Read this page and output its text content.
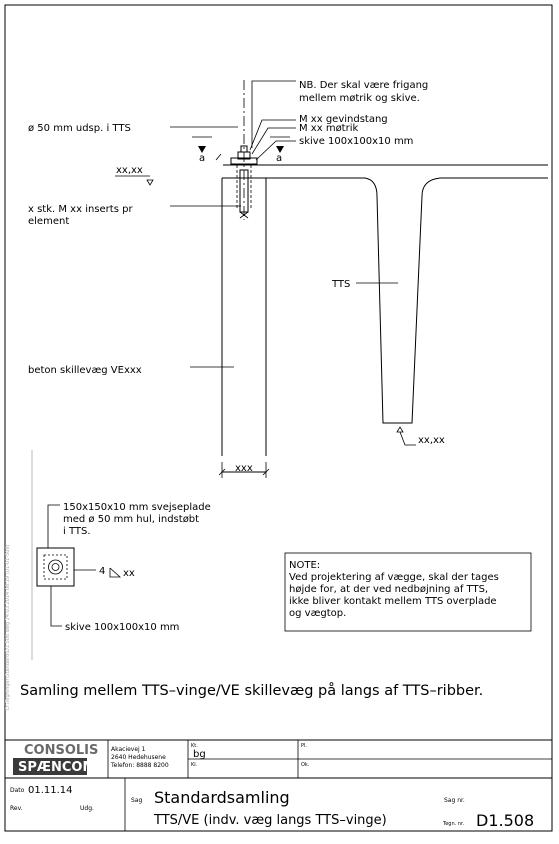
NB. Der skal være frigang
mellem møtrik og skive.
ø 50 mm udsp. i TTS
M xx gevindstang
M xx møtrik
skive 100x100x10 mm
a	a
xx,xx
x stk. M xx inserts pr
element
TTS
beton skillevæg VExxx
xx,xx
xxx
150x150x10 mm svejseplade
med ø 50 mm hul, indstøbt
i TTS.
4 xx
skive 100x100x10 mm
NOTE:
Ved projektering af vægge, skal der tages
højde for, at der ved nedbøjning af TTS,
ikke bliver kontakt mellem TTS overplade
og vægtop.
Samling mellem TTS–vinge/VE skillevæg på langs af TTS–ribber.
D:\Tegninger\Standard\D1.508.dwg 24.03.2014 08:19 (01-01-508)
CONSOLIS
SPÆNCOM
Akacievej 1
2640 Hedehusene
Telefon: 8888 8200
Kt.
bg
Pl.
Kl.	Ok.
Dato 01.11.14
Rev.	Udg.
Sag	Sag nr.
Standardsamling
TTS/VE (indv. væg langs TTS–vinge)	Tegn. nr. D1.508
